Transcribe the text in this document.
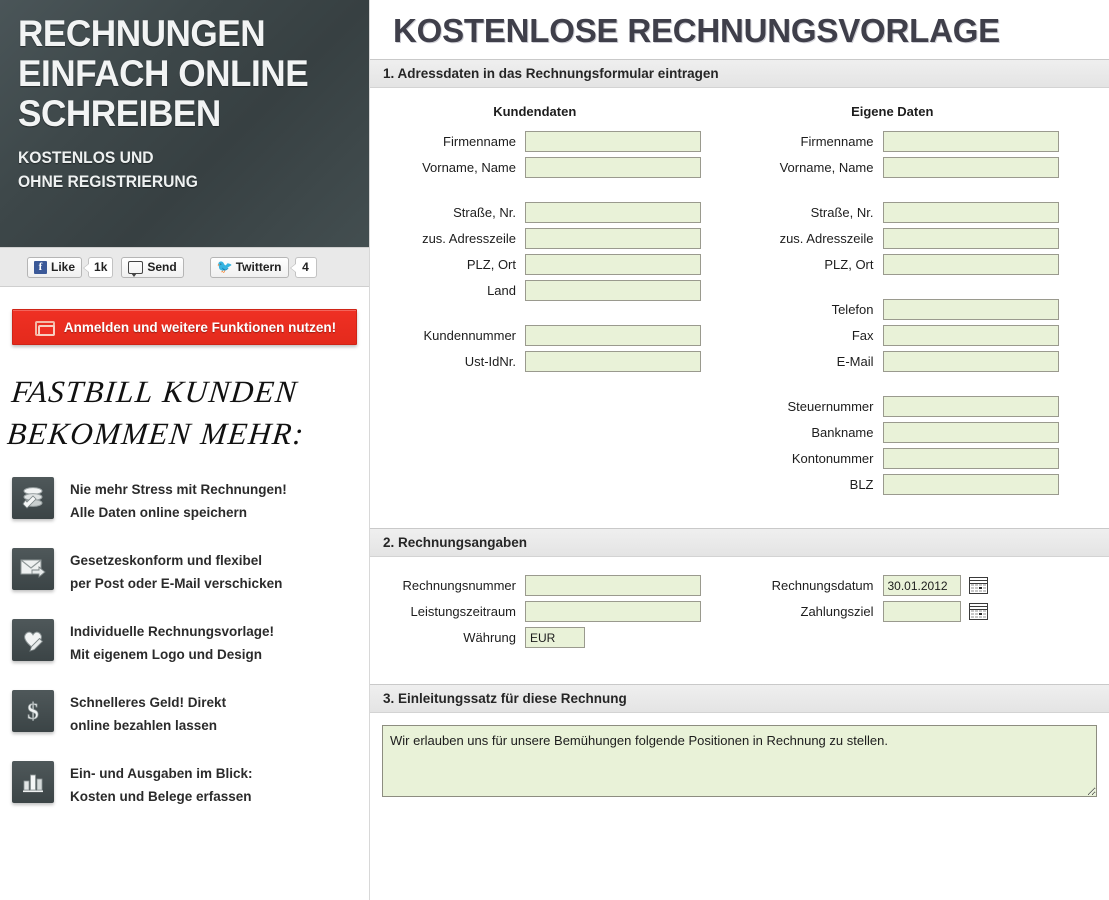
RECHNUNGEN
EINFACH ONLINE
SCHREIBEN
KOSTENLOS UND
OHNE REGISTRIERUNG
f Like	1k	Send	🐦 Twittern	4
Anmelden und weitere Funktionen nutzen!
FASTBILL KUNDEN
BEKOMMEN MEHR:
Nie mehr Stress mit Rechnungen!
Alle Daten online speichern
Gesetzeskonform und flexibel
per Post oder E-Mail verschicken
Individuelle Rechnungsvorlage!
Mit eigenem Logo und Design
$ Schnelleres Geld! Direkt
online bezahlen lassen
Ein- und Ausgaben im Blick:
Kosten und Belege erfassen
KOSTENLOSE RECHNUNGSVORLAGE
1. Adressdaten in das Rechnungsformular eintragen
Kundendaten
Firmenname
Vorname, Name
Straße, Nr.
zus. Adresszeile
PLZ, Ort
Land
Kundennummer
Ust-IdNr.
Eigene Daten
Firmenname
Vorname, Name
Straße, Nr.
zus. Adresszeile
PLZ, Ort
Telefon
Fax
E-Mail
Steuernummer
Bankname
Kontonummer
BLZ
2. Rechnungsangaben
Rechnungsnummer
Leistungszeitraum
Währung
EUR
Rechnungsdatum
30.01.2012
Zahlungsziel
3. Einleitungssatz für diese Rechnung
Wir erlauben uns für unsere Bemühungen folgende Positionen in Rechnung zu stellen.
